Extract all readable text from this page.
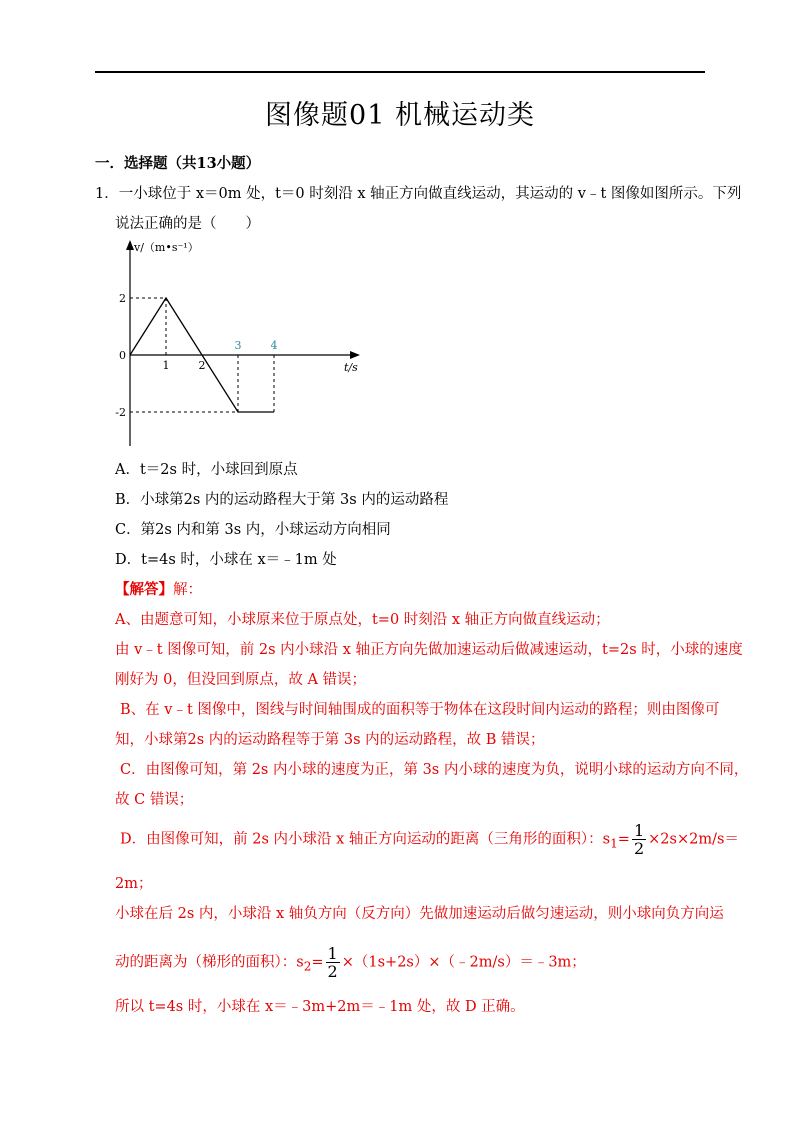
图像题01 机械运动类
一．选择题（共13小题）
1．一小球位于 x＝0m 处，t＝0 时刻沿 x 轴正方向做直线运动，其运动的 v﹣t 图像如图所示。下列
说法正确的是（　　）
v/（m•s⁻¹）
t/s
1	2
3	4
2
0
-2
A．t＝2s 时，小球回到原点
B．小球第2s 内的运动路程大于第 3s 内的运动路程
C．第2s 内和第 3s 内，小球运动方向相同
D．t=4s 时，小球在 x＝﹣1m 处
【解答】解：
A、由题意可知，小球原来位于原点处，t=0 时刻沿 x 轴正方向做直线运动；
由 v﹣t 图像可知，前 2s 内小球沿 x 轴正方向先做加速运动后做减速运动，t=2s 时，小球的速度
刚好为 0，但没回到原点，故 A 错误；
B、在 v﹣t 图像中，图线与时间轴围成的面积等于物体在这段时间内运动的路程；则由图像可
知，小球第2s 内的运动路程等于第 3s 内的运动路程，故 B 错误；
C．由图像可知，第 2s 内小球的速度为正，第 3s 内小球的速度为负，说明小球的运动方向不同，
故 C 错误；
D．由图像可知，前 2s 内小球沿 x 轴正方向运动的距离（三角形的面积）：$s_1= \frac{1}{2} \times 2s\times 2m/s=$
2m；
小球在后 2s 内，小球沿 x 轴负方向（反方向）先做加速运动后做匀速运动，则小球向负方向运
动的距离为（梯形的面积）：$s_2= \frac{1}{2}$ ×（1s+2s）×（﹣2m/s）＝﹣3m；
所以 t=4s 时，小球在 x＝﹣3m+2m＝﹣1m 处，故 D 正确。
